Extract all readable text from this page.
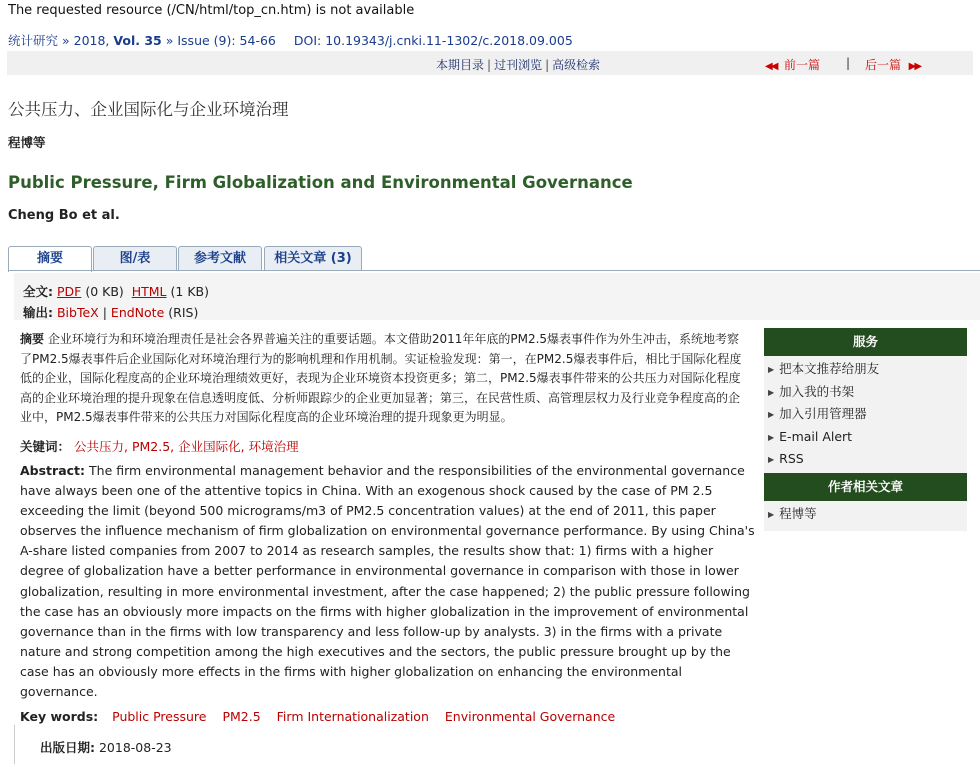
The requested resource (/CN/html/top_cn.htm) is not available
统计研究 » 2018, Vol. 35 » Issue (9): 54-66 DOI: 10.19343/j.cnki.11-1302/c.2018.09.005
本期目录 | 过刊浏览 | 高级检索	◀◀ 前一篇 | 后一篇 ▶▶
公共压力、企业国际化与企业环境治理
程博等
Public Pressure, Firm Globalization and Environmental Governance
Cheng Bo et al.
摘要	图/表	参考文献	相关文章 (3)
全文: PDF (0 KB) HTML (1 KB)
输出: BibTeX | EndNote (RIS)
摘要 企业环境行为和环境治理责任是社会各界普遍关注的重要话题。本文借助2011年年底的PM2.5爆表事件作为外生冲击，系统地考察了PM2.5爆表事件后企业国际化对环境治理行为的影响机理和作用机制。实证检验发现：第一，在PM2.5爆表事件后，相比于国际化程度低的企业，国际化程度高的企业环境治理绩效更好，表现为企业环境资本投资更多；第二，PM2.5爆表事件带来的公共压力对国际化程度高的企业环境治理的提升现象在信息透明度低、分析师跟踪少的企业更加显著；第三，在民营性质、高管理层权力及行业竞争程度高的企业中，PM2.5爆表事件带来的公共压力对国际化程度高的企业环境治理的提升现象更为明显。
关键词： 公共压力, PM2.5, 企业国际化, 环境治理
Abstract: The firm environmental management behavior and the responsibilities of the environmental governance have always been one of the attentive topics in China. With an exogenous shock caused by the case of PM 2.5 exceeding the limit (beyond 500 micrograms/m3 of PM2.5 concentration values) at the end of 2011, this paper observes the influence mechanism of firm globalization on environmental governance performance. By using China's A-share listed companies from 2007 to 2014 as research samples, the results show that: 1) firms with a higher degree of globalization have a better performance in environmental governance in comparison with those in lower globalization, resulting in more environmental investment, after the case happened; 2) the public pressure following the case has an obviously more impacts on the firms with higher globalization in the improvement of environmental governance than in the firms with low transparency and less follow-up by analysts. 3) in the firms with a private nature and strong competition among the high executives and the sectors, the public pressure brought up by the case has an obviously more effects in the firms with higher globalization on enhancing the environmental governance.
Key words: Public Pressure PM2.5 Firm Internationalization Environmental Governance
出版日期: 2018-08-23
服务
▶ 把本文推荐给朋友
▶ 加入我的书架
▶ 加入引用管理器
▶ E-mail Alert
▶ RSS
作者相关文章
▶ 程博等
